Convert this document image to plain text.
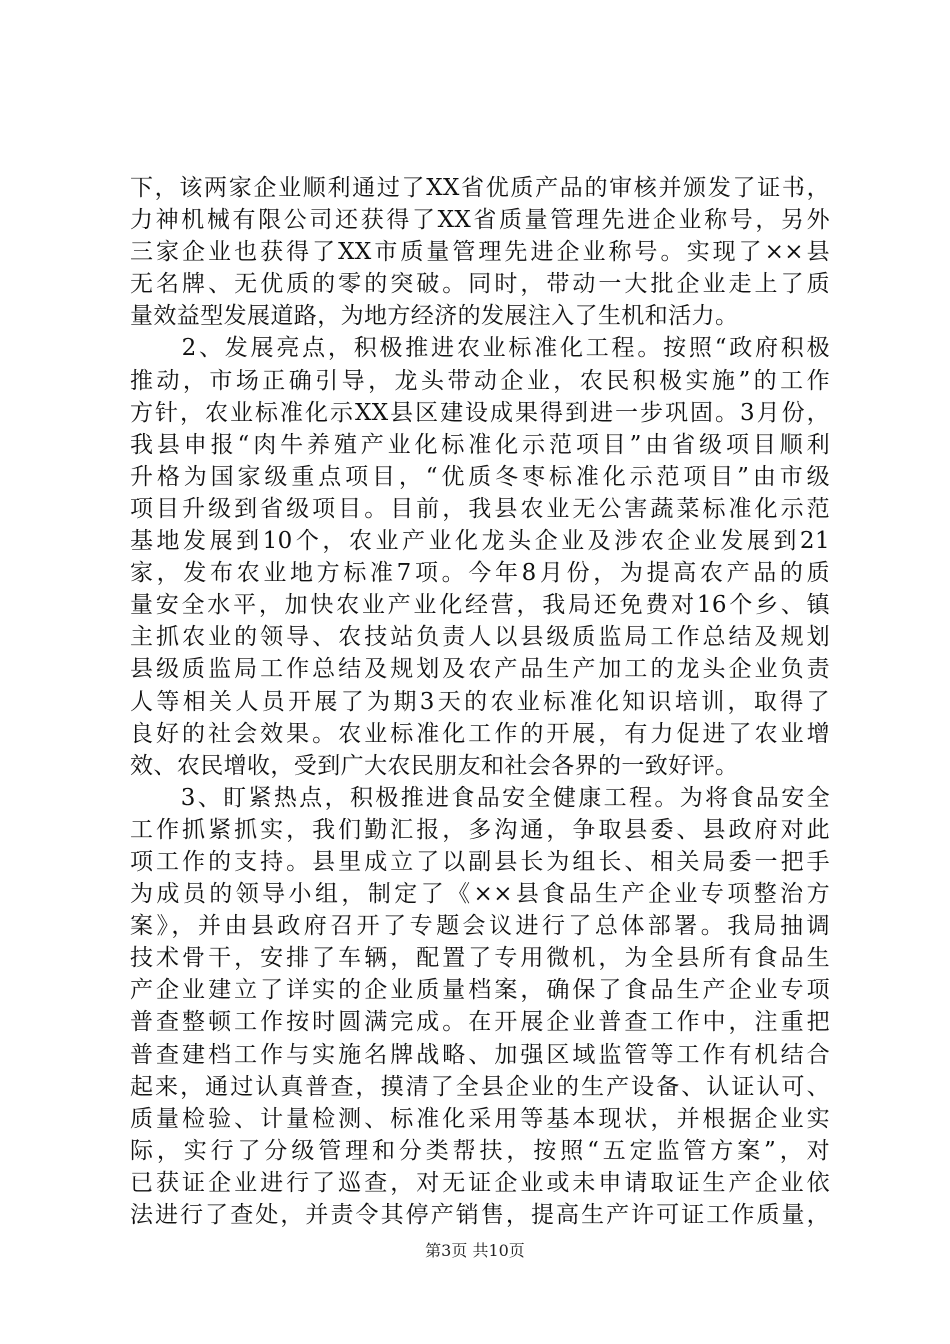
下，该两家企业顺利通过了XX省优质产品的审核并颁发了证书，
力神机械有限公司还获得了XX省质量管理先进企业称号，另外
三家企业也获得了XX市质量管理先进企业称号。实现了××县
无名牌、无优质的零的突破。同时，带动一大批企业走上了质
量效益型发展道路，为地方经济的发展注入了生机和活力。
　　2、发展亮点，积极推进农业标准化工程。按照“政府积极
推动，市场正确引导，龙头带动企业，农民积极实施”的工作
方针，农业标准化示XX县区建设成果得到进一步巩固。3月份，
我县申报“肉牛养殖产业化标准化示范项目”由省级项目顺利
升格为国家级重点项目，“优质冬枣标准化示范项目”由市级
项目升级到省级项目。目前，我县农业无公害蔬菜标准化示范
基地发展到10个，农业产业化龙头企业及涉农企业发展到21
家，发布农业地方标准7项。今年8月份，为提高农产品的质
量安全水平，加快农业产业化经营，我局还免费对16个乡、镇
主抓农业的领导、农技站负责人以县级质监局工作总结及规划
县级质监局工作总结及规划及农产品生产加工的龙头企业负责
人等相关人员开展了为期3天的农业标准化知识培训，取得了
良好的社会效果。农业标准化工作的开展，有力促进了农业增
效、农民增收，受到广大农民朋友和社会各界的一致好评。
　　3、盯紧热点，积极推进食品安全健康工程。为将食品安全
工作抓紧抓实，我们勤汇报，多沟通，争取县委、县政府对此
项工作的支持。县里成立了以副县长为组长、相关局委一把手
为成员的领导小组，制定了《××县食品生产企业专项整治方
案》，并由县政府召开了专题会议进行了总体部署。我局抽调
技术骨干，安排了车辆，配置了专用微机，为全县所有食品生
产企业建立了详实的企业质量档案，确保了食品生产企业专项
普查整顿工作按时圆满完成。在开展企业普查工作中，注重把
普查建档工作与实施名牌战略、加强区域监管等工作有机结合
起来，通过认真普查，摸清了全县企业的生产设备、认证认可、
质量检验、计量检测、标准化采用等基本现状，并根据企业实
际，实行了分级管理和分类帮扶，按照“五定监管方案”，对
已获证企业进行了巡查，对无证企业或未申请取证生产企业依
法进行了查处，并责令其停产销售，提高生产许可证工作质量，
第3页 共10页
